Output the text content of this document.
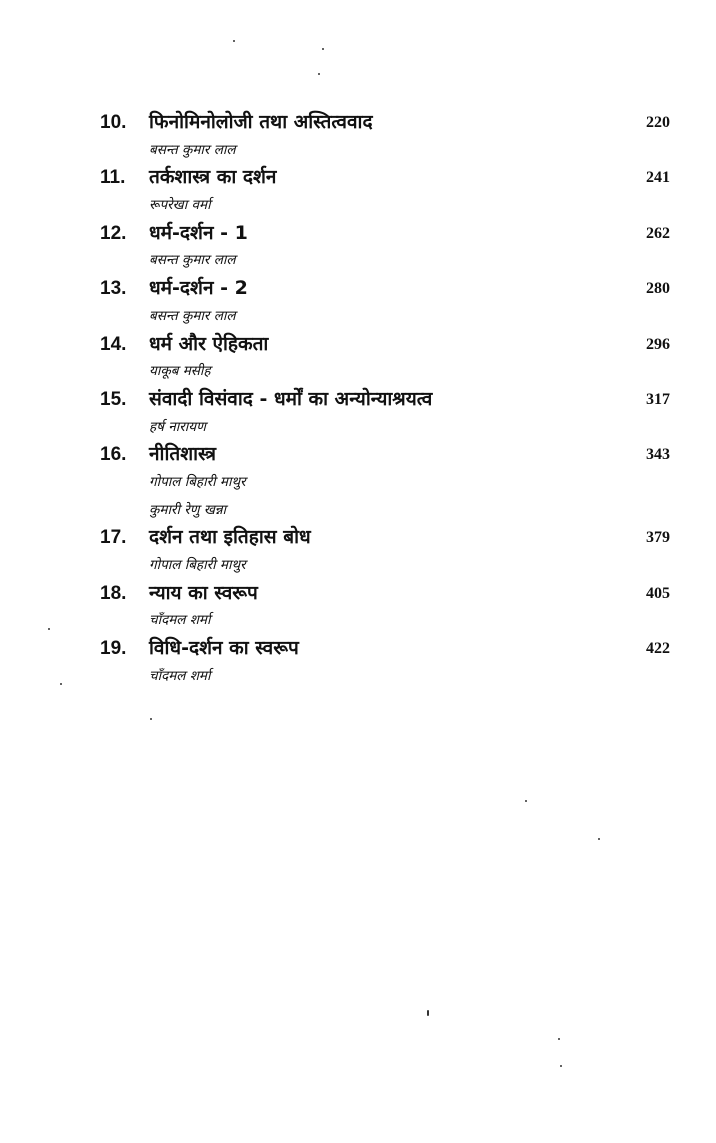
10. फिनोमिनोलोजी तथा अस्तित्ववाद	220
बसन्त कुमार लाल
11. तर्कशास्त्र का दर्शन	241
रूपरेखा वर्मा
12. धर्म-दर्शन - 1	262
बसन्त कुमार लाल
13. धर्म-दर्शन - 2	280
बसन्त कुमार लाल
14. धर्म और ऐहिकता	296
याकूब मसीह
15. संवादी विसंवाद - धर्मों का अन्योन्याश्रयत्व	317
हर्ष नारायण
16. नीतिशास्त्र	343
गोपाल बिहारी माथुर
कुमारी रेणु खन्ना
17. दर्शन तथा इतिहास बोध	379
गोपाल बिहारी माथुर
18. न्याय का स्वरूप	405
चाँदमल शर्मा
19. विधि-दर्शन का स्वरूप	422
चाँदमल शर्मा
